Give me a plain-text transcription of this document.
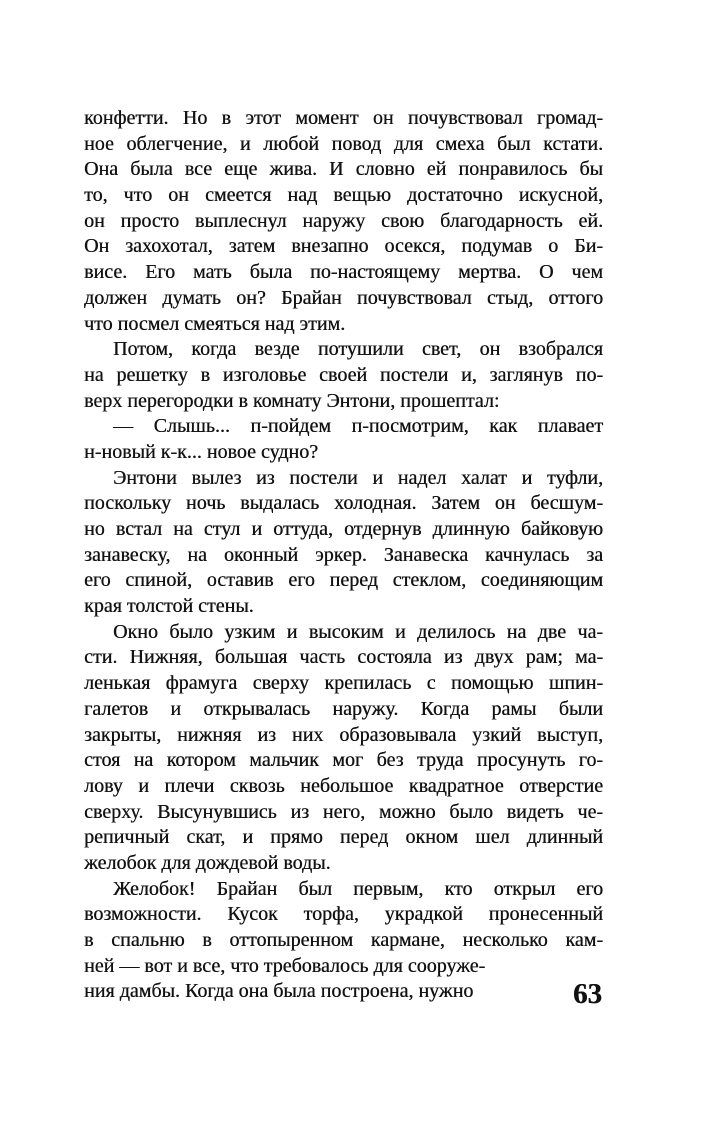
конфетти. Но в этот момент он почувствовал громад-
ное облегчение, и любой повод для смеха был кстати.
Она была все еще жива. И словно ей понравилось бы
то, что он смеется над вещью достаточно искусной,
он просто выплеснул наружу свою благодарность ей.
Он захохотал, затем внезапно осекся, подумав о Би-
висе. Его мать была по-настоящему мертва. О чем
должен думать он? Брайан почувствовал стыд, оттого
что посмел смеяться над этим.
Потом, когда везде потушили свет, он взобрался
на решетку в изголовье своей постели и, заглянув по-
верх перегородки в комнату Энтони, прошептал:
— Слышь... п-пойдем п-посмотрим, как плавает
н-новый к-к... новое судно?
Энтони вылез из постели и надел халат и туфли,
поскольку ночь выдалась холодная. Затем он бесшум-
но встал на стул и оттуда, отдернув длинную байковую
занавеску, на оконный эркер. Занавеска качнулась за
его спиной, оставив его перед стеклом, соединяющим
края толстой стены.
Окно было узким и высоким и делилось на две ча-
сти. Нижняя, большая часть состояла из двух рам; ма-
ленькая фрамуга сверху крепилась с помощью шпин-
галетов и открывалась наружу. Когда рамы были
закрыты, нижняя из них образовывала узкий выступ,
стоя на котором мальчик мог без труда просунуть го-
лову и плечи сквозь небольшое квадратное отверстие
сверху. Высунувшись из него, можно было видеть че-
репичный скат, и прямо перед окном шел длинный
желобок для дождевой воды.
Желобок! Брайан был первым, кто открыл его
возможности. Кусок торфа, украдкой пронесенный
в спальню в оттопыренном кармане, несколько кам-
ней — вот и все, что требовалось для сооруже-
ния дамбы. Когда она была построена, нужно	63
